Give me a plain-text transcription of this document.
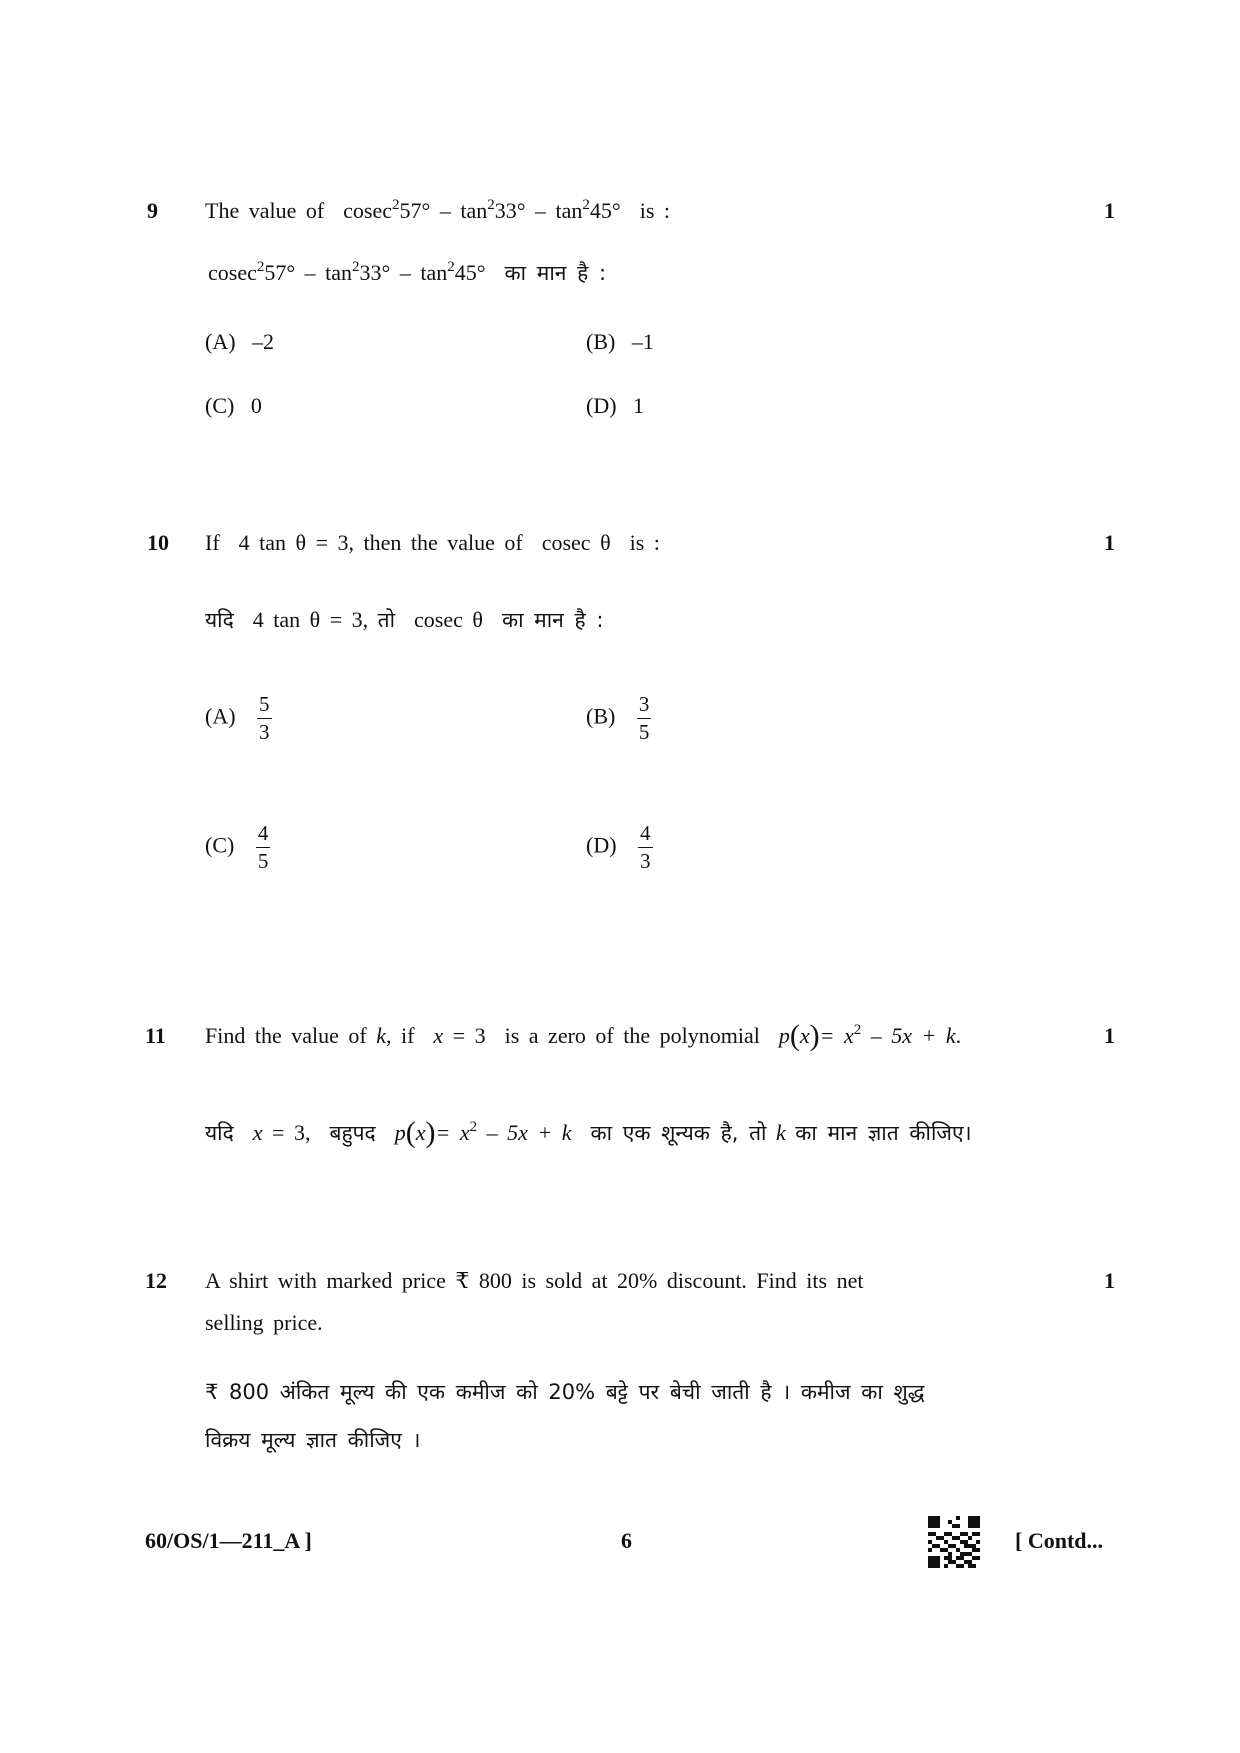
9 The value of $cosec^257^\circ - \tan^233^\circ - \tan^245^\circ$ is :	1
$cosec^257^\circ - \tan^233^\circ - \tan^245^\circ$ का मान है :
(A) –2	(B) –1
(C) 0	(D) 1
10 If 4 tan θ = 3, then the value of cosec θ is :	1
यदि 4 tan θ = 3, तो cosec θ का मान है :
$(A) \frac{5}{3}$	$(B) \frac{3}{5}$
$(C) \frac{4}{5}$	$(D) \frac{4}{3}$
11 Find the value of k, if x = 3 is a zero of the polynomial $p(x)= x^2 - 5x + k$.	1
यदि x = 3, बहुपद $p(x)= x^2 - 5x + k$ का एक शून्यक है, तो k का मान ज्ञात कीजिए।
12 A shirt with marked price ₹ 800 is sold at 20% discount. Find its net
selling price.
1
₹ 800 अंकित मूल्य की एक कमीज को 20% बट्टे पर बेची जाती है । कमीज का शुद्ध
विक्रय मूल्य ज्ञात कीजिए ।
60/OS/1—211_A ]	6	[ Contd...
